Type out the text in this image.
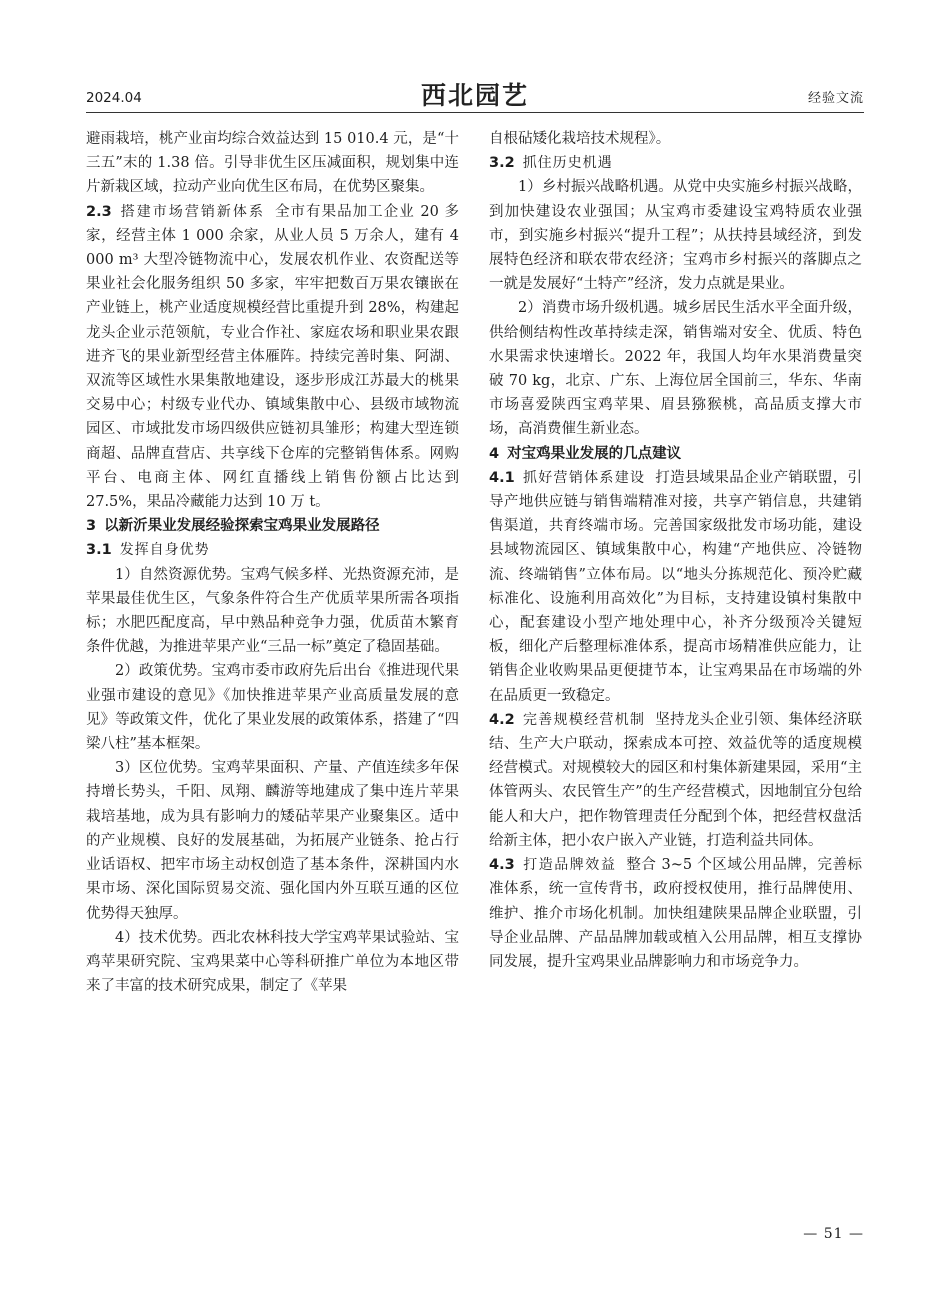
2024.04	西北园艺	经验文流

避雨栽培，桃产业亩均综合效益达到 15 010.4 元，是“十三五”末的 1.38 倍。引导非优生区压减面积，规划集中连片新栽区域，拉动产业向优生区布局，在优势区聚集。

2.3 搭建市场营销新体系 全市有果品加工企业 20 多家，经营主体 1 000 余家，从业人员 5 万余人，建有 4 000 m³ 大型冷链物流中心，发展农机作业、农资配送等果业社会化服务组织 50 多家，牢牢把数百万果农镶嵌在产业链上，桃产业适度规模经营比重提升到 28%，构建起龙头企业示范领航，专业合作社、家庭农场和职业果农跟进齐飞的果业新型经营主体雁阵。持续完善时集、阿湖、双流等区域性水果集散地建设，逐步形成江苏最大的桃果交易中心；村级专业代办、镇域集散中心、县级市域物流园区、市域批发市场四级供应链初具雏形；构建大型连锁商超、品牌直营店、共享线下仓库的完整销售体系。网购平台、电商主体、网红直播线上销售份额占比达到 27.5%，果品冷藏能力达到 10 万 t。

3 以新沂果业发展经验探索宝鸡果业发展路径

3.1 发挥自身优势

1）自然资源优势。宝鸡气候多样、光热资源充沛，是苹果最佳优生区，气象条件符合生产优质苹果所需各项指标；水肥匹配度高，早中熟品种竞争力强，优质苗木繁育条件优越，为推进苹果产业“三品一标”奠定了稳固基础。

2）政策优势。宝鸡市委市政府先后出台《推进现代果业强市建设的意见》《加快推进苹果产业高质量发展的意见》等政策文件，优化了果业发展的政策体系，搭建了“四梁八柱”基本框架。

3）区位优势。宝鸡苹果面积、产量、产值连续多年保持增长势头，千阳、凤翔、麟游等地建成了集中连片苹果栽培基地，成为具有影响力的矮砧苹果产业聚集区。适中的产业规模、良好的发展基础，为拓展产业链条、抢占行业话语权、把牢市场主动权创造了基本条件，深耕国内水果市场、深化国际贸易交流、强化国内外互联互通的区位优势得天独厚。

4）技术优势。西北农林科技大学宝鸡苹果试验站、宝鸡苹果研究院、宝鸡果菜中心等科研推广单位为本地区带来了丰富的技术研究成果，制定了《苹果

自根砧矮化栽培技术规程》。

3.2 抓住历史机遇

1）乡村振兴战略机遇。从党中央实施乡村振兴战略，到加快建设农业强国；从宝鸡市委建设宝鸡特质农业强市，到实施乡村振兴“提升工程”；从扶持县域经济，到发展特色经济和联农带农经济；宝鸡市乡村振兴的落脚点之一就是发展好“土特产”经济，发力点就是果业。

2）消费市场升级机遇。城乡居民生活水平全面升级，供给侧结构性改革持续走深，销售端对安全、优质、特色水果需求快速增长。2022 年，我国人均年水果消费量突破 70 kg，北京、广东、上海位居全国前三，华东、华南市场喜爱陕西宝鸡苹果、眉县猕猴桃，高品质支撑大市场，高消费催生新业态。

4 对宝鸡果业发展的几点建议

4.1 抓好营销体系建设 打造县域果品企业产销联盟，引导产地供应链与销售端精准对接，共享产销信息，共建销售渠道，共育终端市场。完善国家级批发市场功能，建设县域物流园区、镇域集散中心，构建“产地供应、冷链物流、终端销售”立体布局。以“地头分拣规范化、预冷贮藏标准化、设施利用高效化”为目标，支持建设镇村集散中心，配套建设小型产地处理中心，补齐分级预冷关键短板，细化产后整理标准体系，提高市场精准供应能力，让销售企业收购果品更便捷节本，让宝鸡果品在市场端的外在品质更一致稳定。

4.2 完善规模经营机制 坚持龙头企业引领、集体经济联结、生产大户联动，探索成本可控、效益优等的适度规模经营模式。对规模较大的园区和村集体新建果园，采用“主体管两头、农民管生产”的生产经营模式，因地制宜分包给能人和大户，把作物管理责任分配到个体，把经营权盘活给新主体，把小农户嵌入产业链，打造利益共同体。

4.3 打造品牌效益 整合 3~5 个区域公用品牌，完善标准体系，统一宣传背书，政府授权使用，推行品牌使用、维护、推介市场化机制。加快组建陕果品牌企业联盟，引导企业品牌、产品品牌加载或植入公用品牌，相互支撑协同发展，提升宝鸡果业品牌影响力和市场竞争力。

— 51 —
